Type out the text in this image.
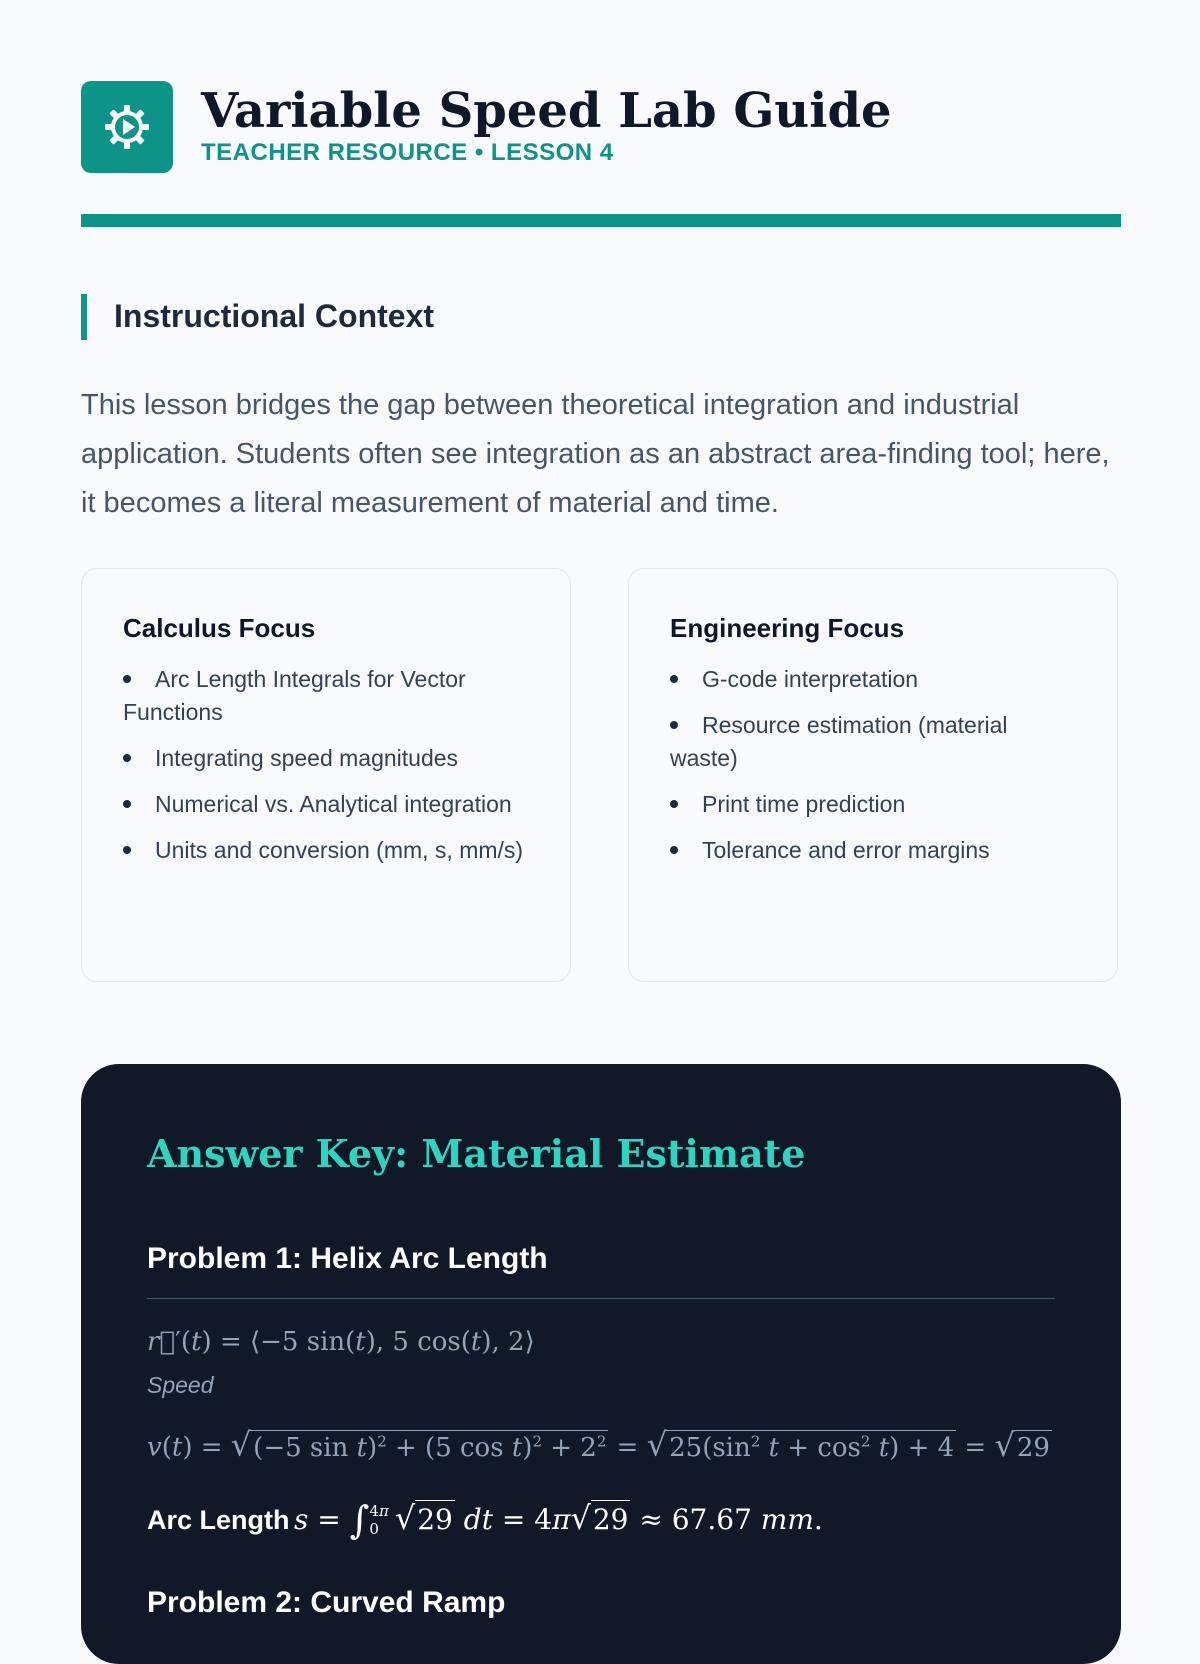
Variable Speed Lab Guide
TEACHER RESOURCE • LESSON 4
Instructional Context

This lesson bridges the gap between theoretical integration and industrial application. Students often see integration as an abstract area-finding tool; here, it becomes a literal measurement of material and time.

Calculus Focus
Arc Length Integrals for Vector Functions
Integrating speed magnitudes
Numerical vs. Analytical integration
Units and conversion (mm, s, mm/s)
Engineering Focus
G-code interpretation
Resource estimation (material waste)
Print time prediction
Tolerance and error margins
Answer Key: Material Estimate
Problem 1: Helix Arc Length
r⃗′(t) = ⟨−5 sin(t), 5 cos(t), 2⟩
Speed
v(t) = √(−5 sin t)$^2$ + (5 $\cos t)^2 + 2^2 = √25(\sin^2$ $t + \cos^2 t) + 4 = √29$
Arc Length s = ∫ 4π
0 √29 dt = 4π√29 ≈ 67.67 mm.
Problem 2: Curved Ramp
